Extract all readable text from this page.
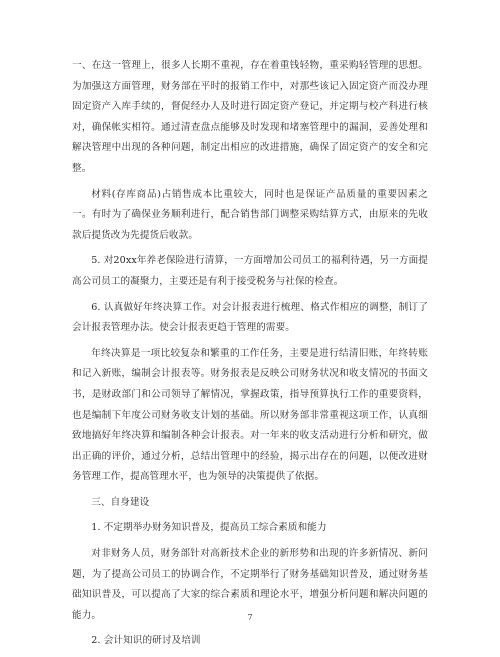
一、在这一管理上，很多人长期不重视，存在着重钱轻物，重采购轻管理的思想。为加强这方面管理，财务部在平时的报销工作中，对那些该记入固定资产而没办理固定资产入库手续的，督促经办人及时进行固定资产登记，并定期与校产科进行核对，确保帐实相符。通过清查盘点能够及时发现和堵塞管理中的漏洞，妥善处理和解决管理中出现的各种问题，制定出相应的改进措施，确保了固定资产的安全和完整。

材料(存库商品)占销售成本比重较大，同时也是保证产品质量的重要因素之一。有时为了确保业务顺利进行，配合销售部门调整采购结算方式，由原来的先收款后提货改为先提货后收款。

5. 对20xx年养老保险进行清算，一方面增加公司员工的福利待遇，另一方面提高公司员工的凝聚力，主要还是有利于接受税务与社保的检查。

6. 认真做好年终决算工作。对会计报表进行梳理、格式作相应的调整，制订了会计报表管理办法。使会计报表更趋于管理的需要。

年终决算是一项比较复杂和繁重的工作任务，主要是进行结清旧账，年终转账和记入新账，编制会计报表等。财务报表是反映公司财务状况和收支情况的书面文书，是财政部门和公司领导了解情况，掌握政策，指导预算执行工作的重要资料，也是编制下年度公司财务收支计划的基础。所以财务部非常重视这项工作，认真细致地搞好年终决算和编制各种会计报表。对一年来的收支活动进行分析和研究，做出正确的评价，通过分析，总结出管理中的经验，揭示出存在的问题，以便改进财务管理工作，提高管理水平，也为领导的决策提供了依据。

三、自身建设

1. 不定期举办财务知识普及，提高员工综合素质和能力

对非财务人员，财务部针对高新技术企业的新形势和出现的许多新情况、新问题，为了提高公司员工的协调合作，不定期举行了财务基础知识普及，通过财务基础知识普及，可以提高了大家的综合素质和理论水平，增强分析问题和解决问题的能力。

2. 会计知识的研讨及培训

7
